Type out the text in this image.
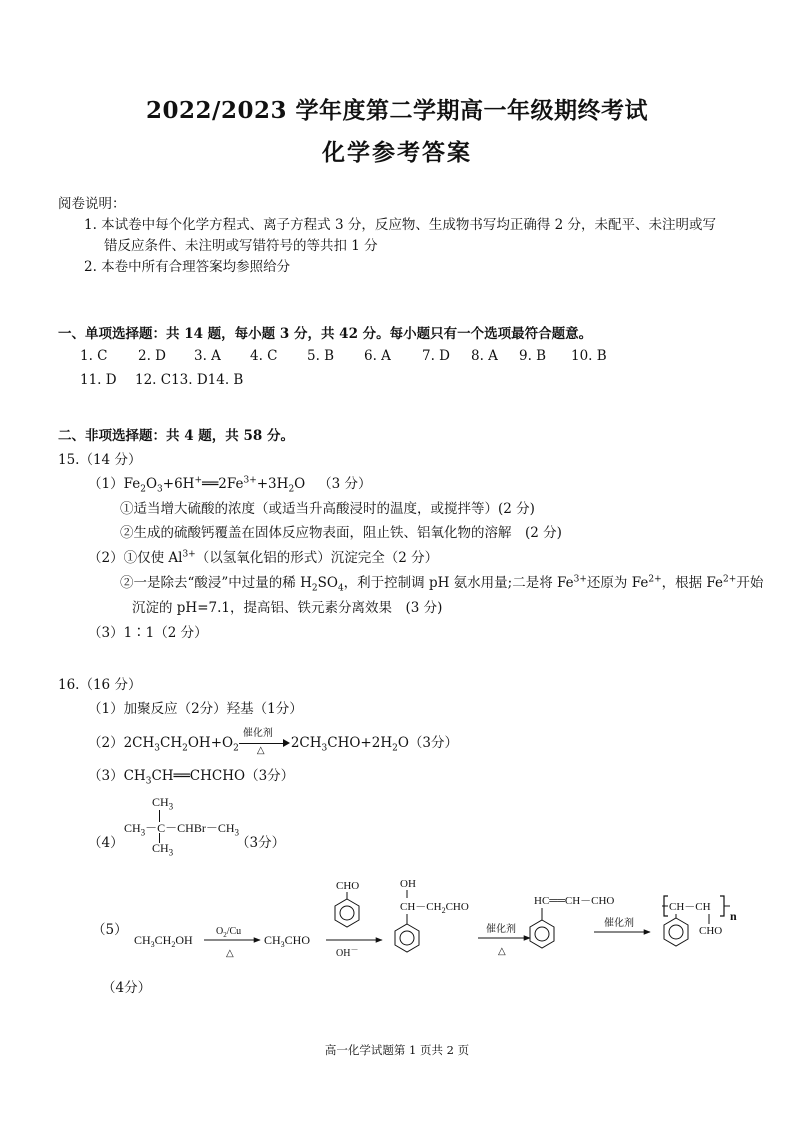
2022/2023 学年度第二学期高一年级期终考试
化学参考答案
阅卷说明：
1. 本试卷中每个化学方程式、离子方程式 3 分，反应物、生成物书写均正确得 2 分，未配平、未注明或写
错反应条件、未注明或写错符号的等共扣 1 分
2. 本卷中所有合理答案均参照给分
一、单项选择题：共 14 题，每小题 3 分，共 42 分。每小题只有一个选项最符合题意。
1. C 2. D 3. A 4. C 5. B 6. A 7. D 8. A 9. B 10. B
11. D 12. C13. D14. B
二、非项选择题：共 4 题，共 58 分。
15.（14 分）
$(1)Fe_2O_3+6H^+══2Fe^{3+}+3H_2O$ （3 分）
①适当增大硫酸的浓度（或适当升高酸浸时的温度，或搅拌等）(2 分)
②生成的硫酸钙覆盖在固体反应物表面，阻止铁、铝氧化物的溶解　(2 分)
（2）①仅使 $Al^{3+}$（以氢氧化铝的形式）沉淀完全（2 分）
②一是除去“酸浸”中过量的稀 $H_2SO_4$，利于控制调 pH 氨水用量;二是将 $Fe^{3+}$还原为 $Fe^{2+}$，根据 $Fe^{2+}$开始
沉淀的 pH=7.1，提高铝、铁元素分离效果　(3 分)
（3）1∶1（2 分）
16.（16 分）
（1）加聚反应（2分）羟基（1分）
$(2)2CH_3CH_2OH+O_2$
催化剂
△ $2CH_3CHO+2H_2O(3$分）
$(3)CH_3CH══CHCHO(3$分）
（4）
$CH_3$
$CH_3-C-CHBr-CH_3$
$CH_3$
（3分）
（5）
$CH_3CH_2OH$
$O_2/Cu$
△
$CH_3CHO$
CHO
OH－
OH
$CH-CH_2CHO$
催化剂
△
HC══CH－CHO
催化剂
CH－CH
n
CHO
（4分）
高一化学试题第 1 页共 2 页
